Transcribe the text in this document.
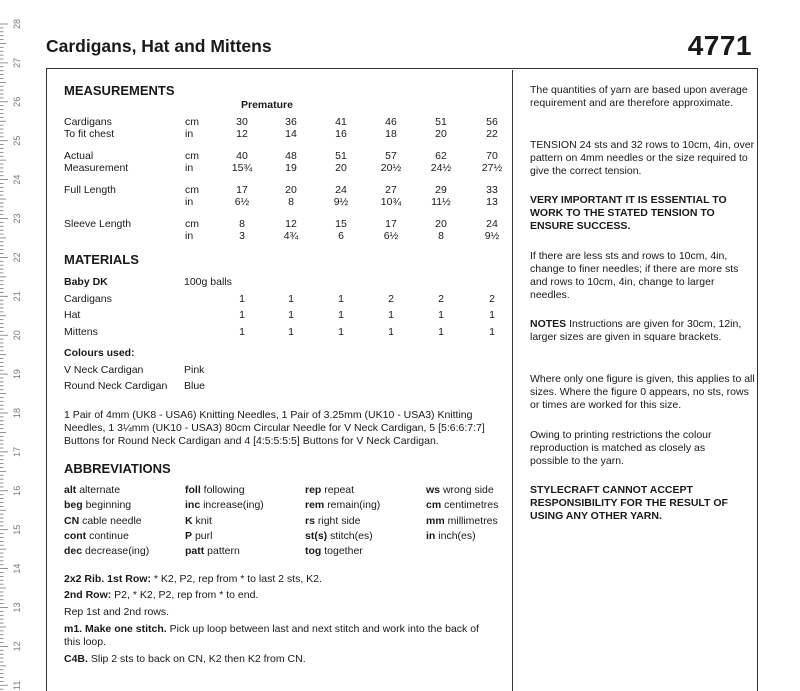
28
27
26
25
24
23
22
21
20
19
18
17
16
15
14
13
12
11
Cardigans, Hat and Mittens	4771
MEASUREMENTS
Premature
Cardigans	cm	30	36	41	46	51	56
To fit chest	in	12	14	16	18	20	22
Actual	cm	40	48	51	57	62	70
Measurement	in	15¾	19	20	20½	24½	27½
Full Length	cm	17	20	24	27	29	33
in	6½	8	9½	10¾	11½	13
Sleeve Length	cm	8	12	15	17	20	24
in	3	4¾	6	6½	8	9½
MATERIALS
Baby DK	100g balls
Cardigans	1	1	1	2	2	2
Hat	1	1	1	1	1	1
Mittens	1	1	1	1	1	1
Colours used:
V Neck Cardigan	Pink
Round Neck Cardigan Blue
1 Pair of 4mm (UK8 - USA6) Knitting Needles, 1 Pair of 3.25mm (UK10 - USA3) Knitting Needles, 1 3¼mm (UK10 - USA3) 80cm Circular Needle for V Neck Cardigan, 5 [5:6:6:7:7] Buttons for Round Neck Cardigan and 4 [4:5:5:5:5] Buttons for V Neck Cardigan.
ABBREVIATIONS
alt alternate
beg beginning
CN cable needle
cont continue
dec decrease(ing)
foll following
inc increase(ing)
K knit
P purl
patt pattern
rep repeat
rem remain(ing)
rs right side
st(s) stitch(es)
tog together
ws wrong side
cm centimetres
mm millimetres
in inch(es)
2x2 Rib. 1st Row: * K2, P2, rep from * to last 2 sts, K2.
2nd Row: P2, * K2, P2, rep from * to end.
Rep 1st and 2nd rows.
m1. Make one stitch. Pick up loop between last and next stitch and work into the back of this loop.
C4B. Slip 2 sts to back on CN, K2 then K2 from CN.
The quantities of yarn are based upon average requirement and are therefore approximate.
TENSION 24 sts and 32 rows to 10cm, 4in, over pattern on 4mm needles or the size required to give the correct tension.
VERY IMPORTANT IT IS ESSENTIAL TO WORK TO THE STATED TENSION TO ENSURE SUCCESS.
If there are less sts and rows to 10cm, 4in, change to finer needles; if there are more sts and rows to 10cm, 4in, change to larger needles.
NOTES Instructions are given for 30cm, 12in, larger sizes are given in square brackets.
Where only one figure is given, this applies to all sizes. Where the figure 0 appears, no sts, rows or times are worked for this size.
Owing to printing restrictions the colour reproduction is matched as closely as possible to the yarn.
STYLECRAFT CANNOT ACCEPT RESPONSIBILITY FOR THE RESULT OF USING ANY OTHER YARN.
